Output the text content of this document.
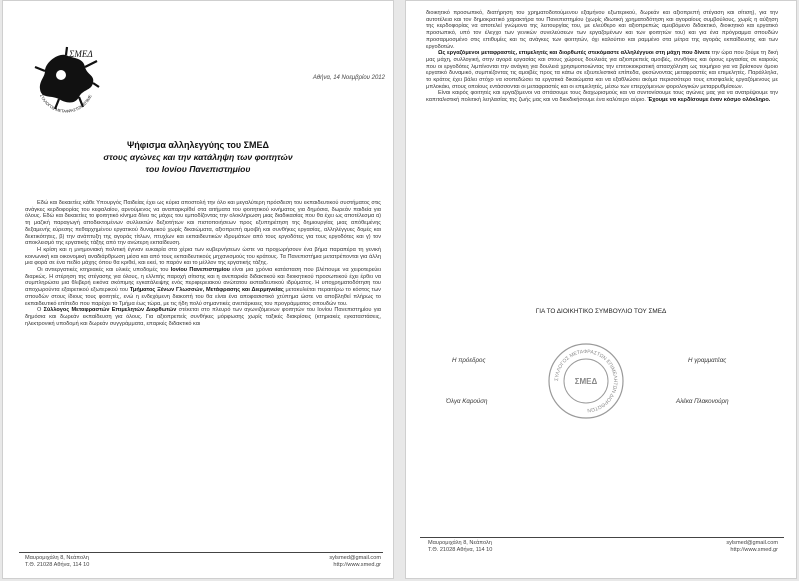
ΣΜΕΔ
ΣΥΛΛΟΓΟΣ ΜΕΤΑΦΡΑΣΤΩΝ ΕΠΙΜΕ
Αθήνα, 14 Νοεμβρίου 2012
Ψήφισμα αλληλεγγύης του ΣΜΕΔ
στους αγώνες και την κατάληψη των φοιτητών
του Ιονίου Πανεπιστημίου

Εδώ και δεκαετίες κάθε Υπουργός Παιδείας έχει ως κύρια αποστολή την όλο και μεγαλύτερη πρόσδεση του εκπαιδευτικού συστήματος στις ανάγκες κερδοφορίας του κεφαλαίου, αρνούμενος να αναπαρκρίθεί στα αιτήματα του φοιτητικού κινήματος για δημόσια, δωρεάν παιδεία για όλους. Εδώ και δεκαετίες το φοιτητικό κίνημα δίνει τις μάχες του εμποδίζοντας την ολοκλήρωση μιας διαδικασίας που θα έχει ως αποτέλεσμα α) τη μαζική παραγωγή αποδεκτομένων συλλεκτών δεξιοτήτων και πιστοποιήσεων προς εξυπηρέτηση της δημιουργίας μιας απόθεμένης δεξαμενής εύρεσης πεθαρχημένου εργατικού δυναμικού χωρίς δικαιώματα, αξιοπρεπή αμοιβή και συνθήκες εργασίας, αλληλέγγυες δομές και δεκτικότητες, β) την ανάπτυξη της αγοράς τίτλων, πτυχίων και εκπαιδευτικών ιδρυμάτων από τους εργοδότες για τους εργοδότες και γ) τον αποκλεισμό της εργατικής τάξης από την ανώτερη εκπαίδευση.

Η κρίση και η μνημονιακή πολιτική έγιναν ευκαιρία στα χέρια των κυβερνήσεων ώστε να προχωρήσουν ένα βήμα παραπέρα τη γενική κοινωνική και οικονομική αναδιάρθρωση μέσα και από τους εκπαιδευτικούς μηχανισμούς του κράτους. Τα Πανεπιστήμια μετατρέπονται για άλλη μια φορά σε ένα πεδίο μάχης όπου θα κριθεί, και εκεί, το παρόν και το μέλλον της εργατικής τάξης.

Οι αντιεργατικές κτηριακές και υλικές υποδομές του Ιονίου Πανεπιστημίου είναι μια χρόνια κατάσταση που βλέπουμε να χειροτερεύει διαρκώς. Η στέρηση της στέγασης για όλους, η ελλιπής παροχή σίτισης και η ανεπαρκία διδακτικού και διοικητικού προσωπικού έχει έρθει να συμπληρώσει μια θλιβερή εικόνα σκόπιμης εγκατάλειψης ενός περιφερειακού ανώτατου εκπαιδευτικού ιδρύματος. Η υποχρηματοδότηση του αποχωρούντα εξαιρετικού εξωτερικού του Τμήματος Ξένων Γλωσσών, Μετάφρασης και Διερμηνείας μετακυλιέται περαιτέρω το κόστος των σπουδών στους ίδιους τους φοιτητές, ενώ η ενδεχόμενη διακοπή του θα είναι ένα αποφασιστικό χτύπημα ώστε να αποβληθεί πλήρως το εκπαιδευτικό επίπεδο που παρέχει το Τμήμα έως τώρα, με τις ήδη πολύ σημαντικές ανεπάρκειες του προγράμματος σπουδών του.

Ο Σύλλογος Μεταφραστών Επιμελητών Διορθωτών στέκεται στο πλευρό των αγωνιζόμενων φοιτητών του Ιονίου Πανεπιστημίου για δημόσια και δωρεάν εκπαίδευση για όλους. Για αξιοπρεπείς συνθήκες μόρφωσης χωρίς ταξικές διακρίσεις (κτηριακές εγκαταστάσεις, ηλεκτρονική υποδομή και δωρεάν συγγράμματα, επαρκές διδακτικό και

Μαυρομιχάλη 8, Νεάπολη
Τ.Θ. 21028 Αθήνα, 114 10
sylsmed@gmail.com
http://www.smed.gr

διοικητικό προσωπικό, διατήρηση του χρηματοδοτούμενου εξαμήνου εξωτερικού, δωρεάν και αξιοπρεπή στέγαση και σίτιση), για την αυτοτέλεια και τον δημοκρατικό χαρακτήρα του Πανεπιστημίου (χωρίς ιδιωτική χρηματοδότηση και αγοραίους συμβούλους, χωρίς η αύξηση της κερδοφορίας να αποτελεί γνώμονα της λειτουργίας του, με ελεύθερο και αξιοπρεπώς αμειβόμενο διδακτικό, διοικητικό και εργατικό προσωπικό, υπό τον έλεγχο των γενικών συνελεύσεων των εργαζομένων και των φοιτητών του) και για ένα πρόγραμμα σπουδών προσαρμοσμένο στις επιθυμίες και τις ανάγκες των φοιτητών, όχι καλούπιο και ραμμένο στα μέτρα της αγοράς εκπαίδευσης και των εργοδοτών.

Ως εργαζόμενοι μεταφραστές, επιμελητές και διορθωτές στεκόμαστε αλληλέγγυοι στη μάχη που δίνετε την ώρα που ζούμε τη δική μας μάχη, συλλογική, στην αγορά εργασίας και στους χώρους δουλειάς για αξιοπρεπείς αμοιβές, συνθήκες και όρους εργασίας σε καιρούς που οι εργοδότες λιμπίνονται την ανάγκη για δουλειά χρησιμοποιώντας την επιτοκιοκρατική απασχόληση ως τεκμήριο για να βρίσκουν όμοιο εργατικό δυναμικό, συμπιέζοντας τις αμοιβές προς τα κάτω σε εξευτελιστικά επίπεδα, φεσώνοντας μεταφραστές και επιμελητές. Παράλληλα, το κράτος έχει βάλει στόχο να ισοπεδώσει τα εργατικά δικαιώματα και να εξαθλιώσει ακόμα περισσότερο τους επισφαλείς εργαζόμενους με μπλοκάκι, στους οποίους εντάσσονται οι μεταφραστές και οι επιμελητές, μέσω των επερχόμενων φορολογικών μεταρρυθμίσεων.

Είναι καιρός φοιτητές και εργαζόμενοι να σπάσουμε τους διαχωρισμούς και να συντονίσουμε τους αγώνες μας για να ανατρέψουμε την καπιταλιστική πολιτική λεηλασίας της ζωής μας και να διεκδικήσουμε ένα καλύτερο αύριο. Έχουμε να κερδίσουμε έναν κόσμο ολόκληρο.

ΓΙΑ ΤΟ ΔΙΟΙΚΗΤΙΚΟ ΣΥΜΒΟΥΛΙΟ ΤΟΥ ΣΜΕΔ
Η πρόεδρος	Η γραμματέας
ΣΥΛΛΟΓΟΣ ΜΕΤΑΦΡΑΣΤΩΝ ΕΠΙΜΕΛΗΤΩΝ ΔΙΟΡΘΩΤΩΝ
ΣΜΕΔ
Όλγα Καρούση	Αλέκα Πλακονούρη
Μαυρομιχάλη 8, Νεάπολη
Τ.Θ. 21028 Αθήνα, 114 10
sylsmed@gmail.com
http://www.smed.gr
